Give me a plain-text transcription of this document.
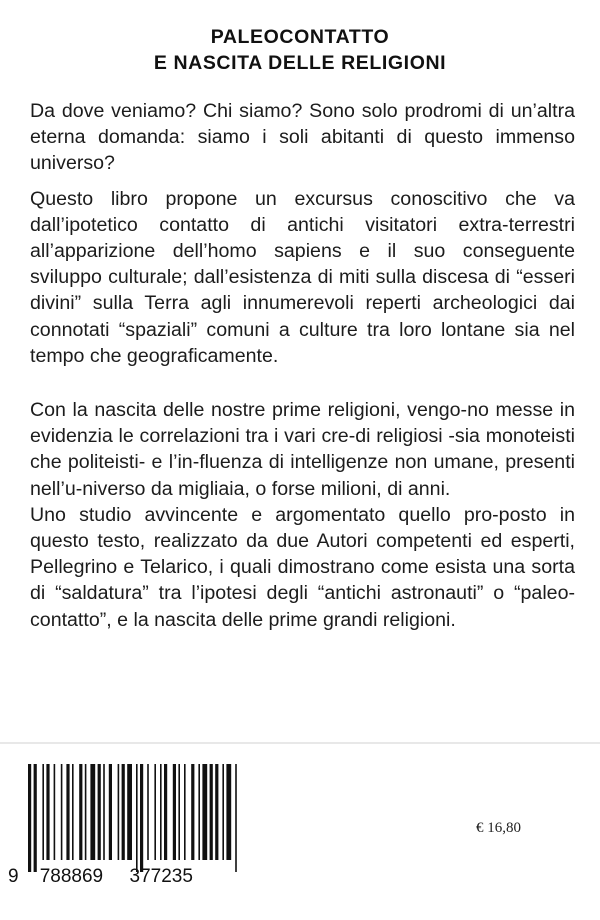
PALEOCONTATTO
E NASCITA DELLE RELIGIONI

Da dove veniamo? Chi siamo? Sono solo prodromi di un’altra eterna domanda: siamo i soli abitanti di questo immenso universo?

Questo libro propone un excursus conoscitivo che va dall’ipotetico contatto di antichi visitatori extra-terrestri all’apparizione dell’homo sapiens e il suo conseguente sviluppo culturale; dall’esistenza di miti sulla discesa di “esseri divini” sulla Terra agli innumerevoli reperti archeologici dai connotati “spaziali” comuni a culture tra loro lontane sia nel tempo che geograficamente.

Con la nascita delle nostre prime religioni, vengo-no messe in evidenzia le correlazioni tra i vari cre-di religiosi -sia monoteisti che politeisti- e l’in-fluenza di intelligenze non umane, presenti nell’u-niverso da migliaia, o forse milioni, di anni.

Uno studio avvincente e argomentato quello pro-posto in questo testo, realizzato da due Autori competenti ed esperti, Pellegrino e Telarico, i quali dimostrano come esista una sorta di “saldatura” tra l’ipotesi degli “antichi astronauti” o “paleo-contatto”, e la nascita delle prime grandi religioni.

9 788869 377235
€ 16,80
